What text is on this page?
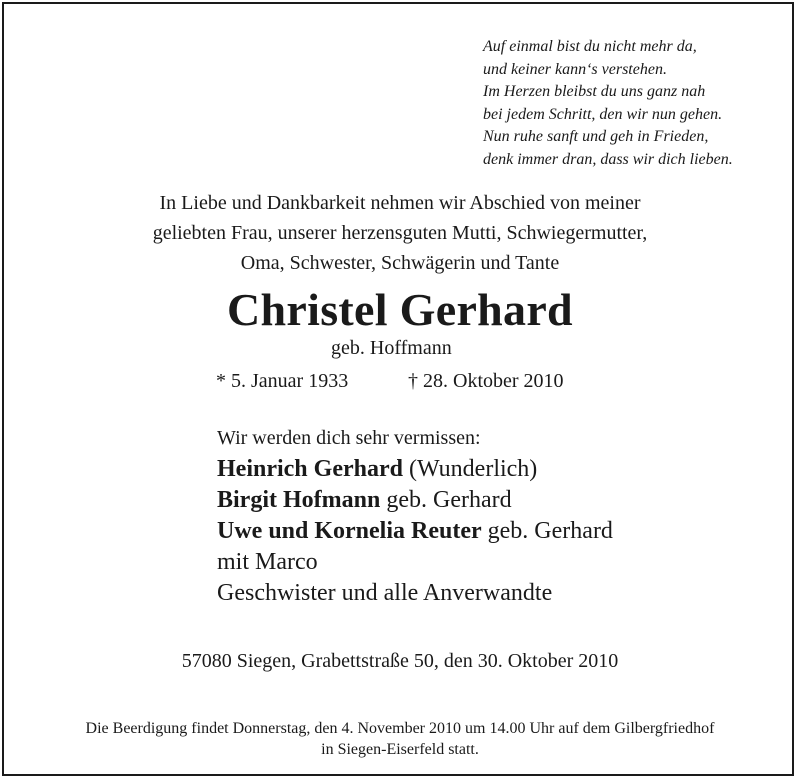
Auf einmal bist du nicht mehr da,
und keiner kann‘s verstehen.
Im Herzen bleibst du uns ganz nah
bei jedem Schritt, den wir nun gehen.
Nun ruhe sanft und geh in Frieden,
denk immer dran, dass wir dich lieben.
In Liebe und Dankbarkeit nehmen wir Abschied von meiner
geliebten Frau, unserer herzensguten Mutti, Schwiegermutter,
Oma, Schwester, Schwägerin und Tante
Christel Gerhard
geb. Hoffmann
* 5. Januar 1933	† 28. Oktober 2010
Wir werden dich sehr vermissen:
Heinrich Gerhard (Wunderlich)
Birgit Hofmann geb. Gerhard
Uwe und Kornelia Reuter geb. Gerhard
mit Marco
Geschwister und alle Anverwandte
57080 Siegen, Grabettstraße 50, den 30. Oktober 2010
Die Beerdigung findet Donnerstag, den 4. November 2010 um 14.00 Uhr auf dem Gilbergfriedhof
in Siegen-Eiserfeld statt.
